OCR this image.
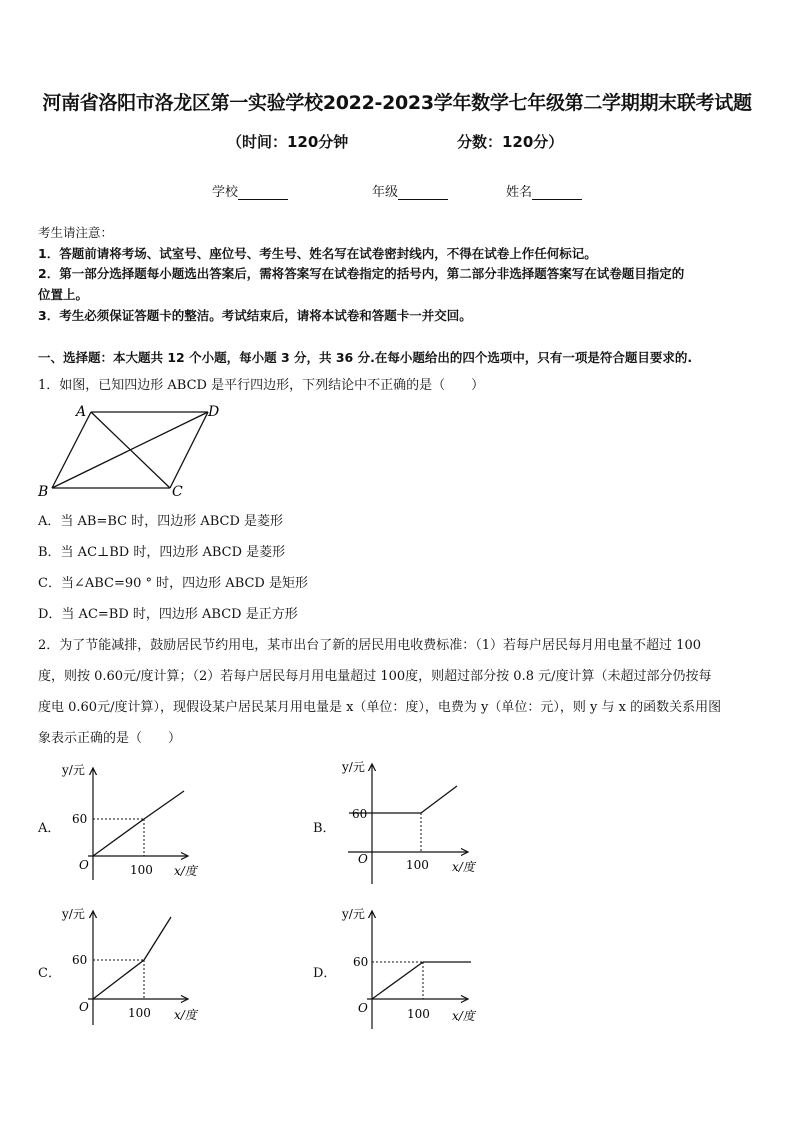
河南省洛阳市洛龙区第一实验学校2022-2023学年数学七年级第二学期期末联考试题
（时间：120分钟	分数：120分）
学校	年级	姓名
考生请注意：
1．答题前请将考场、试室号、座位号、考生号、姓名写在试卷密封线内，不得在试卷上作任何标记。
2．第一部分选择题每小题选出答案后，需将答案写在试卷指定的括号内，第二部分非选择题答案写在试卷题目指定的
位置上。
3．考生必须保证答题卡的整洁。考试结束后，请将本试卷和答题卡一并交回。
一、选择题：本大题共 12 个小题，每小题 3 分，共 36 分.在每小题给出的四个选项中，只有一项是符合题目要求的.
1．如图，已知四边形 ABCD 是平行四边形，下列结论中不正确的是（　　）
A	D
B	C
A．当 AB=BC 时，四边形 ABCD 是菱形
B．当 AC⊥BD 时，四边形 ABCD 是菱形
C．当∠ABC=90 ° 时，四边形 ABCD 是矩形
D．当 AC=BD 时，四边形 ABCD 是正方形
2．为了节能减排，鼓励居民节约用电，某市出台了新的居民用电收费标准：（1）若每户居民每月用电量不超过 100
度，则按 0.60元/度计算；（2）若每户居民每月用电量超过 100度，则超过部分按 0.8 元/度计算（未超过部分仍按每
度电 0.60元/度计算），现假设某户居民某月用电量是 x（单位：度），电费为 y（单位：元），则 y 与 x 的函数关系用图
象表示正确的是（　　）
A．
y/元
60
O	100 x/度
B．
y/元
60
O	100 x/度
C．
y/元
60
O	100 x/度
D．
y/元
60
O	100 x/度
